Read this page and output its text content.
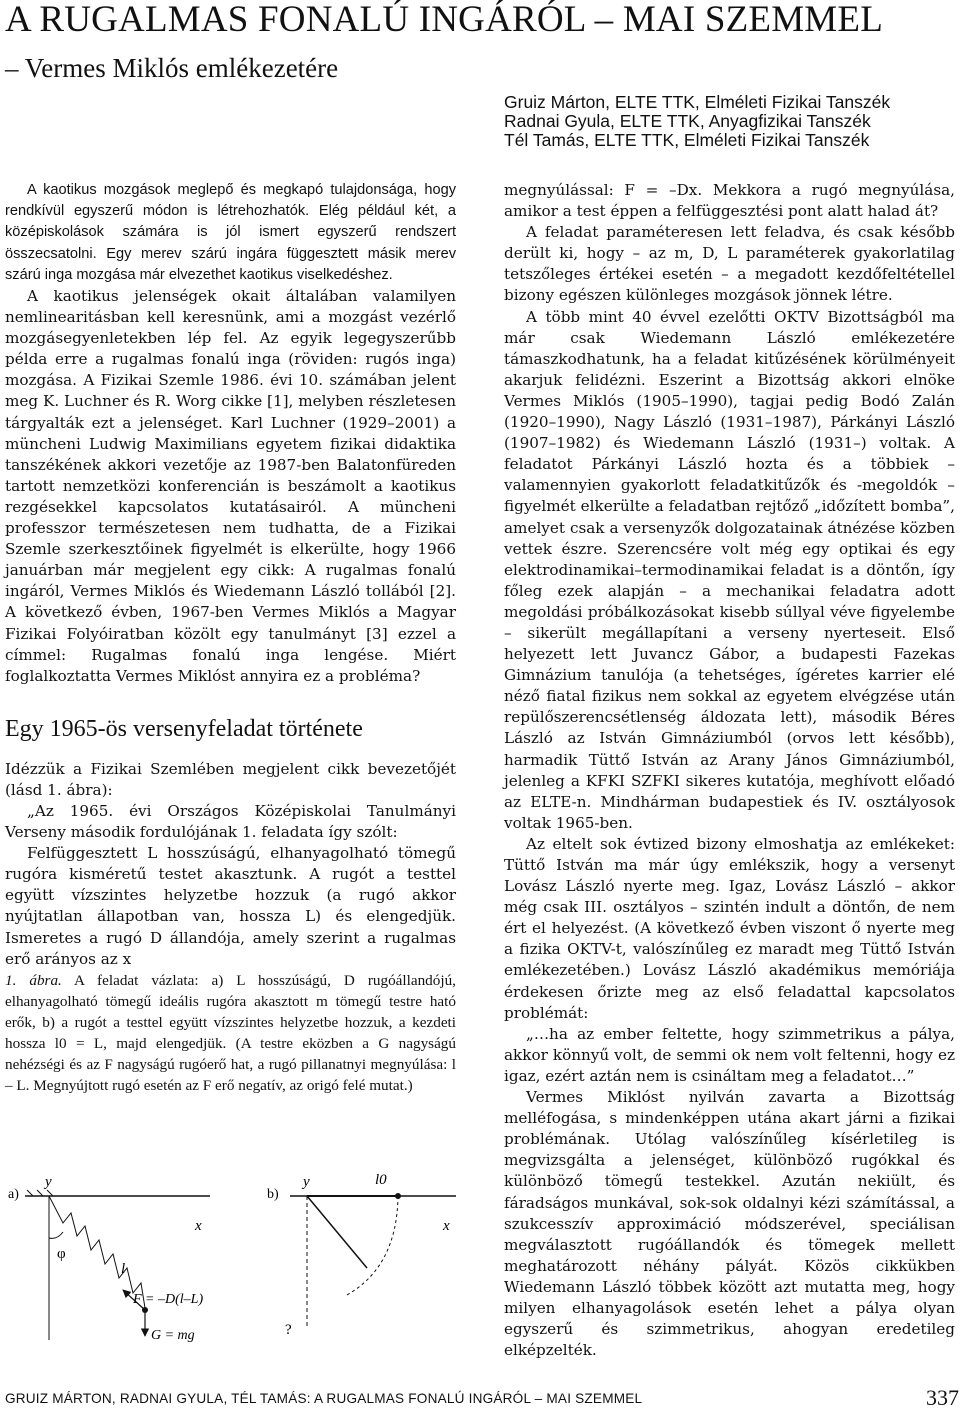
A RUGALMAS FONALÚ INGÁRÓL – MAI SZEMMEL
– Vermes Miklós emlékezetére
Gruiz Márton, ELTE TTK, Elméleti Fizikai Tanszék
Radnai Gyula, ELTE TTK, Anyagfizikai Tanszék
Tél Tamás, ELTE TTK, Elméleti Fizikai Tanszék

A kaotikus mozgások meglepő és megkapó tulajdonsága, hogy rendkívül egyszerű módon is létrehozhatók. Elég például két, a középiskolások számára is jól ismert egyszerű rendszert összecsatolni. Egy merev szárú ingára függesztett másik merev szárú inga mozgása már elvezethet kaotikus viselkedéshez.

A kaotikus jelenségek okait általában valamilyen nemlinearitásban kell keresnünk, ami a mozgást vezérlő mozgásegyenletekben lép fel. Az egyik legegyszerűbb példa erre a rugalmas fonalú inga (röviden: rugós inga) mozgása. A Fizikai Szemle 1986. évi 10. számában jelent meg K. Luchner és R. Worg cikke [1], melyben részletesen tárgyalták ezt a jelenséget. Karl Luchner (1929–2001) a müncheni Ludwig Maximilians egyetem fizikai didaktika tanszékének akkori vezetője az 1987-ben Balatonfüreden tartott nemzetközi konferencián is beszámolt a kaotikus rezgésekkel kapcsolatos kutatásairól. A müncheni professzor természetesen nem tudhatta, de a Fizikai Szemle szerkesztőinek figyelmét is elkerülte, hogy 1966 januárban már megjelent egy cikk: A rugalmas fonalú ingáról, Vermes Miklós és Wiedemann László tollából [2]. A következő évben, 1967-ben Vermes Miklós a Magyar Fizikai Folyóiratban közölt egy tanulmányt [3] ezzel a címmel: Rugalmas fonalú inga lengése. Miért foglalkoztatta Vermes Miklóst annyira ez a probléma?

Egy 1965-ös versenyfeladat története

Idézzük a Fizikai Szemlében megjelent cikk bevezetőjét (lásd 1. ábra):

„Az 1965. évi Országos Középiskolai Tanulmányi Verseny második fordulójának 1. feladata így szólt:

Felfüggesztett L hosszúságú, elhanyagolható tömegű rugóra kisméretű testet akasztunk. A rugót a testtel együtt vízszintes helyzetbe hozzuk (a rugó akkor nyújtatlan állapotban van, hossza L) és elengedjük. Ismeretes a rugó D állandója, amely szerint a rugalmas erő arányos az x

1. ábra. A feladat vázlata: a) L hosszúságú, D rugóállandójú, elhanyagolható tömegű ideális rugóra akasztott m tömegű testre ható erők, b) a rugót a testtel együtt vízszintes helyzetbe hozzuk, a kezdeti hossza l0 = L, majd elengedjük. (A testre eközben a G nagyságú nehézségi és az F nagyságú rugóerő hat, a rugó pillanatnyi megnyúlása: l – L. Megnyújtott rugó esetén az F erő negatív, az origó felé mutat.)

a)
y
x
φ
l
F = –D(l–L)
G = mg
b)
y	l0
x
?

megnyúlással: F = –Dx. Mekkora a rugó megnyúlása, amikor a test éppen a felfüggesztési pont alatt halad át?

A feladat paraméteresen lett feladva, és csak később derült ki, hogy – az m, D, L paraméterek gyakorlatilag tetszőleges értékei esetén – a megadott kezdőfeltétellel bizony egészen különleges mozgások jönnek létre.

A több mint 40 évvel ezelőtti OKTV Bizottságból ma már csak Wiedemann László emlékezetére támaszkodhatunk, ha a feladat kitűzésének körülményeit akarjuk felidézni. Eszerint a Bizottság akkori elnöke Vermes Miklós (1905–1990), tagjai pedig Bodó Zalán (1920–1990), Nagy László (1931–1987), Párkányi László (1907–1982) és Wiedemann László (1931–) voltak. A feladatot Párkányi László hozta és a többiek – valamennyien gyakorlott feladatkitűzők és -megoldók – figyelmét elkerülte a feladatban rejtőző „időzített bomba”, amelyet csak a versenyzők dolgozatainak átnézése közben vettek észre. Szerencsére volt még egy optikai és egy elektrodinamikai–termodinamikai feladat is a döntőn, így főleg ezek alapján – a mechanikai feladatra adott megoldási próbálkozásokat kisebb súllyal véve figyelembe – sikerült megállapítani a verseny nyerteseit. Első helyezett lett Juvancz Gábor, a budapesti Fazekas Gimnázium tanulója (a tehetséges, ígéretes karrier elé néző fiatal fizikus nem sokkal az egyetem elvégzése után repülőszerencsétlenség áldozata lett), második Béres László az István Gimnáziumból (orvos lett később), harmadik Tüttő István az Arany János Gimnáziumból, jelenleg a KFKI SZFKI sikeres kutatója, meghívott előadó az ELTE-n. Mindhárman budapestiek és IV. osztályosok voltak 1965-ben.

Az eltelt sok évtized bizony elmoshatja az emlékeket: Tüttő István ma már úgy emlékszik, hogy a versenyt Lovász László nyerte meg. Igaz, Lovász László – akkor még csak III. osztályos – szintén indult a döntőn, de nem ért el helyezést. (A következő évben viszont ő nyerte meg a fizika OKTV-t, valószínűleg ez maradt meg Tüttő István emlékezetében.) Lovász László akadémikus memóriája érdekesen őrizte meg az első feladattal kapcsolatos problémát:

„…ha az ember feltette, hogy szimmetrikus a pálya, akkor könnyű volt, de semmi ok nem volt feltenni, hogy ez igaz, ezért aztán nem is csináltam meg a feladatot…”

Vermes Miklóst nyilván zavarta a Bizottság melléfogása, s mindenképpen utána akart járni a fizikai problémának. Utólag valószínűleg kísérletileg is megvizsgálta a jelenséget, különböző rugókkal és különböző tömegű testekkel. Azután nekiült, és fáradságos munkával, sok-sok oldalnyi kézi számítással, a szukcesszív approximáció módszerével, speciálisan megválasztott rugóállandók és tömegek mellett meghatározott néhány pályát. Közös cikkükben Wiedemann László többek között azt mutatta meg, hogy milyen elhanyagolások esetén lehet a pálya olyan egyszerű és szimmetrikus, ahogyan eredetileg elképzelték.

GRUIZ MÁRTON, RADNAI GYULA, TÉL TAMÁS: A RUGALMAS FONALÚ INGÁRÓL – MAI SZEMMEL	337
